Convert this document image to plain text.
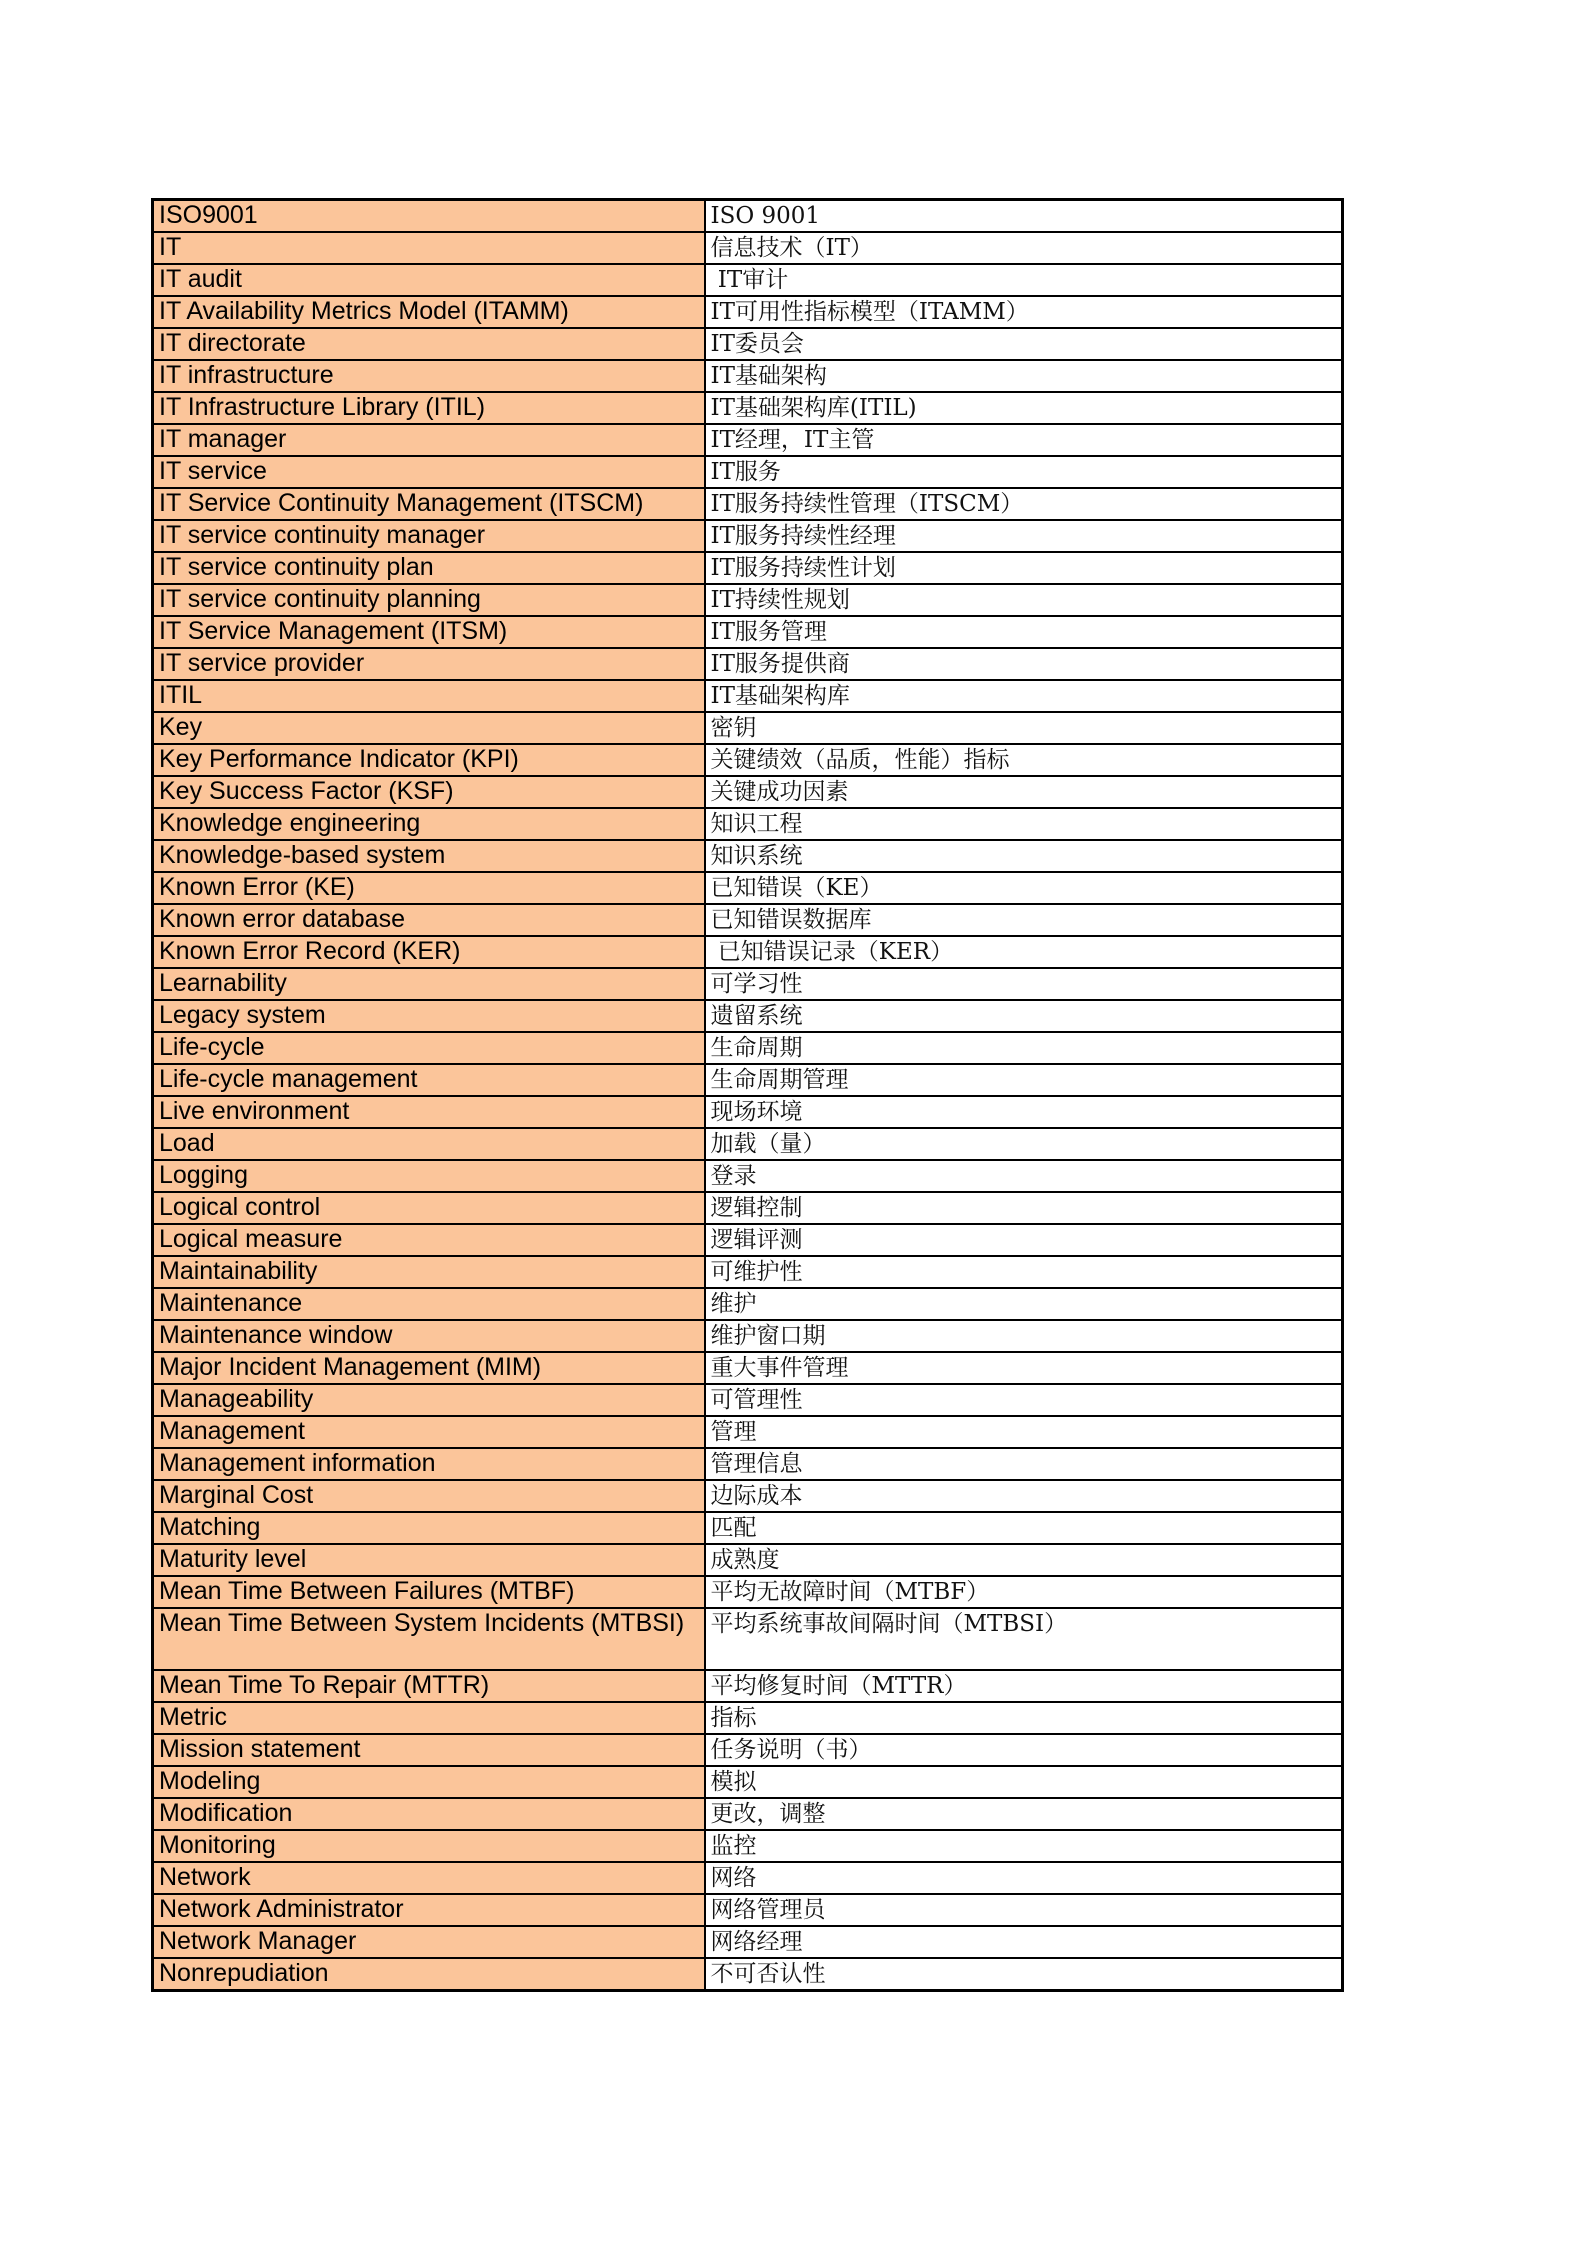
ISO9001	ISO 9001
IT	信息技术（IT）
IT audit	IT审计
IT Availability Metrics Model (ITAMM)	IT可用性指标模型（ITAMM）
IT directorate	IT委员会
IT infrastructure	IT基础架构
IT Infrastructure Library (ITIL)	IT基础架构库(ITIL)
IT manager	IT经理，IT主管
IT service	IT服务
IT Service Continuity Management (ITSCM)	IT服务持续性管理（ITSCM）
IT service continuity manager	IT服务持续性经理
IT service continuity plan	IT服务持续性计划
IT service continuity planning	IT持续性规划
IT Service Management (ITSM)	IT服务管理
IT service provider	IT服务提供商
ITIL	IT基础架构库
Key	密钥
Key Performance Indicator (KPI)	关键绩效（品质，性能）指标
Key Success Factor (KSF)	关键成功因素
Knowledge engineering	知识工程
Knowledge-based system	知识系统
Known Error (KE)	已知错误（KE）
Known error database	已知错误数据库
Known Error Record (KER)	已知错误记录（KER）
Learnability	可学习性
Legacy system	遗留系统
Life-cycle	生命周期
Life-cycle management	生命周期管理
Live environment	现场环境
Load	加载（量）
Logging	登录
Logical control	逻辑控制
Logical measure	逻辑评测
Maintainability	可维护性
Maintenance	维护
Maintenance window	维护窗口期
Major Incident Management (MIM)	重大事件管理
Manageability	可管理性
Management	管理
Management information	管理信息
Marginal Cost	边际成本
Matching	匹配
Maturity level	成熟度
Mean Time Between Failures (MTBF)	平均无故障时间（MTBF）
Mean Time Between System Incidents (MTBSI)	平均系统事故间隔时间（MTBSI）
Mean Time To Repair (MTTR)	平均修复时间（MTTR）
Metric	指标
Mission statement	任务说明（书）
Modeling	模拟
Modification	更改，调整
Monitoring	监控
Network	网络
Network Administrator	网络管理员
Network Manager	网络经理
Nonrepudiation	不可否认性
